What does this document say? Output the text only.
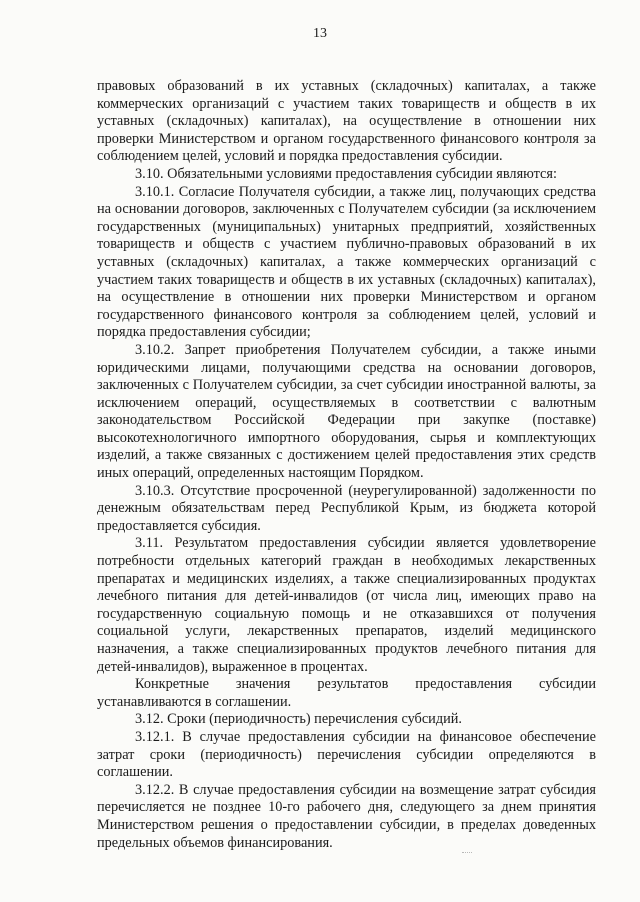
13

правовых образований в их уставных (складочных) капиталах, а также коммерческих организаций с участием таких товариществ и обществ в их уставных (складочных) капиталах), на осуществление в отношении них проверки Министерством и органом государственного финансового контроля за соблюдением целей, условий и порядка предоставления субсидии.

3.10. Обязательными условиями предоставления субсидии являются:

3.10.1. Согласие Получателя субсидии, а также лиц, получающих средства на основании договоров, заключенных с Получателем субсидии (за исключением государственных (муниципальных) унитарных предприятий, хозяйственных товариществ и обществ с участием публично-правовых образований в их уставных (складочных) капиталах, а также коммерческих организаций с участием таких товариществ и обществ в их уставных (складочных) капиталах), на осуществление в отношении них проверки Министерством и органом государственного финансового контроля за соблюдением целей, условий и порядка предоставления субсидии;

3.10.2. Запрет приобретения Получателем субсидии, а также иными юридическими лицами, получающими средства на основании договоров, заключенных с Получателем субсидии, за счет субсидии иностранной валюты, за исключением операций, осуществляемых в соответствии с валютным законодательством Российской Федерации при закупке (поставке) высокотехнологичного импортного оборудования, сырья и комплектующих изделий, а также связанных с достижением целей предоставления этих средств иных операций, определенных настоящим Порядком.

3.10.3. Отсутствие просроченной (неурегулированной) задолженности по денежным обязательствам перед Республикой Крым, из бюджета которой предоставляется субсидия.

3.11. Результатом предоставления субсидии является удовлетворение потребности отдельных категорий граждан в необходимых лекарственных препаратах и медицинских изделиях, а также специализированных продуктах лечебного питания для детей-инвалидов (от числа лиц, имеющих право на государственную социальную помощь и не отказавшихся от получения социальной услуги, лекарственных препаратов, изделий медицинского назначения, а также специализированных продуктов лечебного питания для детей-инвалидов), выраженное в процентах.

Конкретные значения результатов предоставления субсидии устанавливаются в соглашении.

3.12. Сроки (периодичность) перечисления субсидий.

3.12.1. В случае предоставления субсидии на финансовое обеспечение затрат сроки (периодичность) перечисления субсидии определяются в соглашении.

3.12.2. В случае предоставления субсидии на возмещение затрат субсидия перечисляется не позднее 10-го рабочего дня, следующего за днем принятия Министерством решения о предоставлении субсидии, в пределах доведенных предельных объемов финансирования.
